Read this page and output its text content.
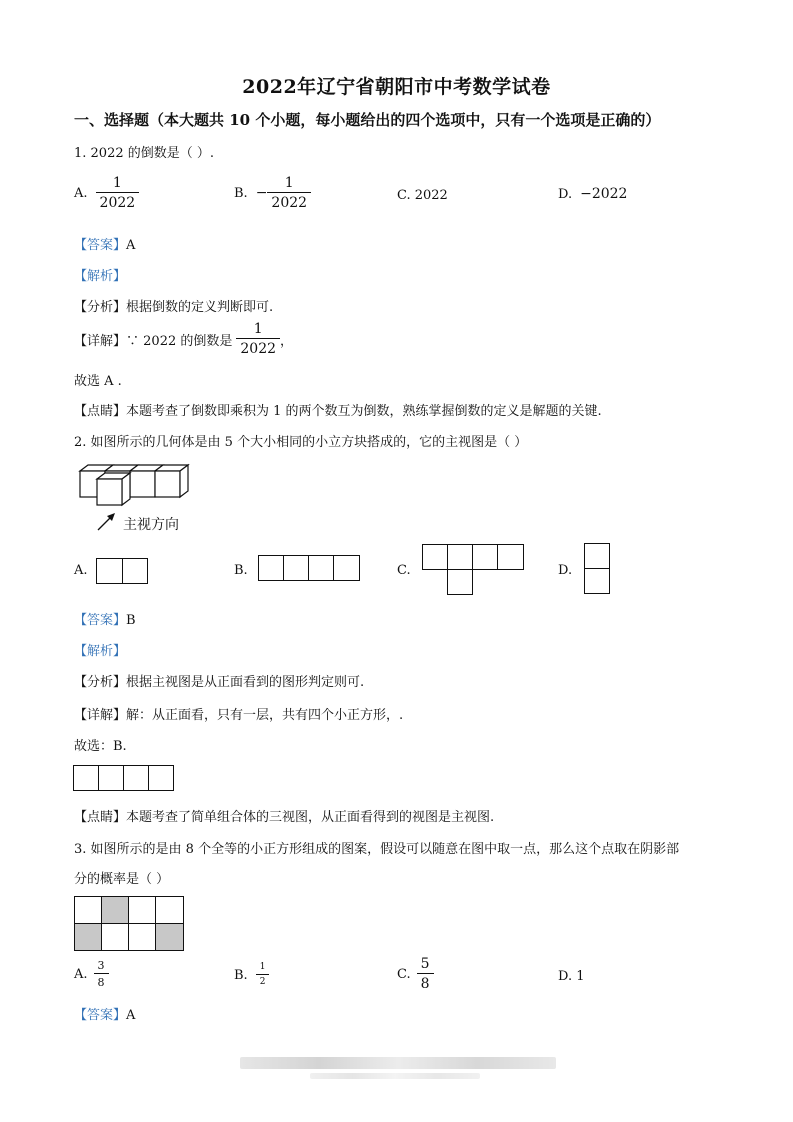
2022年辽宁省朝阳市中考数学试卷
一、选择题（本大题共 10 个小题，每小题给出的四个选项中，只有一个选项是正确的）
1. 2022 的倒数是（ ）.
A. $\frac{1}{2022}$	B. − $\frac{1}{2022}$	C. 2022	D. −2022
【答案】A
【解析】
【分析】根据倒数的定义判断即可.
【详解】 ∵ 2022 的倒数是 $\frac{1}{2022}$ ，
故选 A .
【点睛】本题考查了倒数即乘积为 1 的两个数互为倒数，熟练掌握倒数的定义是解题的关键.
2. 如图所示的几何体是由 5 个大小相同的小立方块搭成的，它的主视图是（ ）
主视方向
A.	B.	C.	D.
【答案】B
【解析】
【分析】根据主视图是从正面看到的图形判定则可.
【详解】解：从正面看，只有一层，共有四个小正方形，.
故选：B.
【点睛】本题考查了简单组合体的三视图，从正面看得到的视图是主视图.
3. 如图所示的是由 8 个全等的小正方形组成的图案，假设可以随意在图中取一点，那么这个点取在阴影部
分的概率是（ ）
A. $\frac{3}{8}$	B. $\frac{1}{2}$	C. $\frac{5}{8}$	D. 1
【答案】A
